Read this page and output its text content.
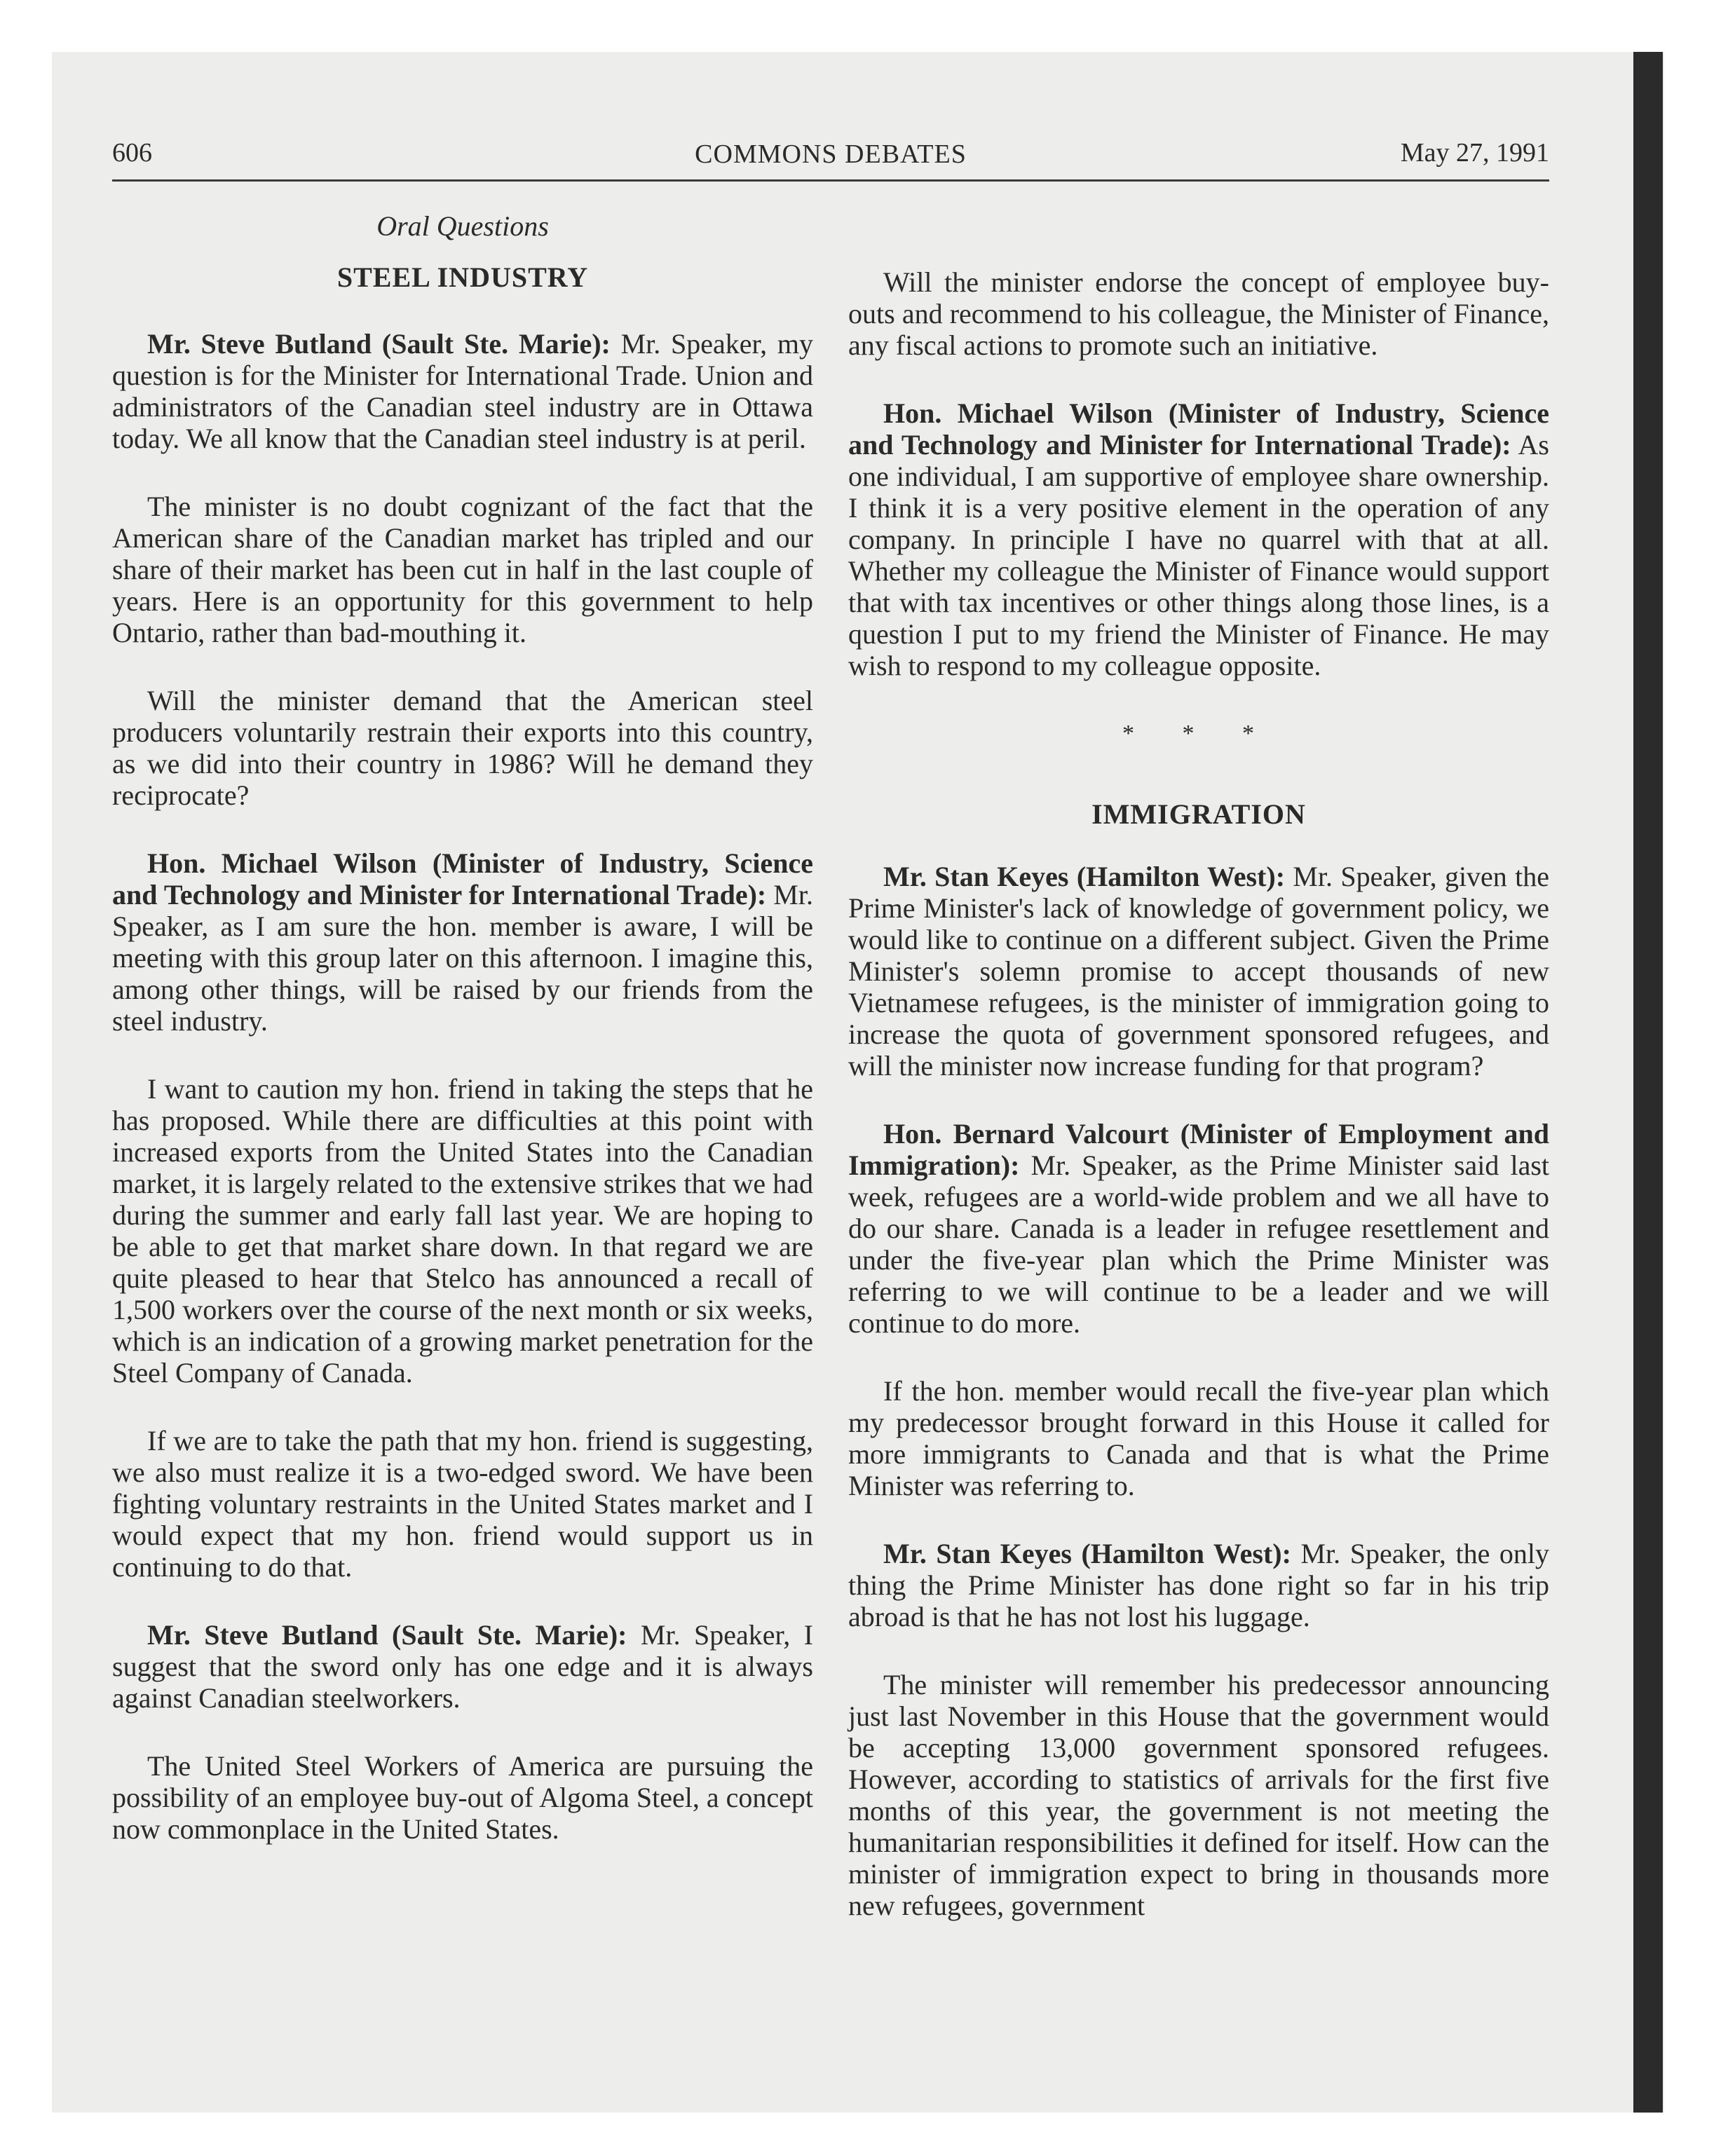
606	COMMONS DEBATES	May 27, 1991
Oral Questions
STEEL INDUSTRY

Mr. Steve Butland (Sault Ste. Marie): Mr. Speaker, my question is for the Minister for International Trade. Union and administrators of the Canadian steel industry are in Ottawa today. We all know that the Canadian steel industry is at peril.

The minister is no doubt cognizant of the fact that the American share of the Canadian market has tripled and our share of their market has been cut in half in the last couple of years. Here is an opportunity for this government to help Ontario, rather than bad-mouthing it.

Will the minister demand that the American steel producers voluntarily restrain their exports into this country, as we did into their country in 1986? Will he demand they reciprocate?

Hon. Michael Wilson (Minister of Industry, Science and Technology and Minister for International Trade): Mr. Speaker, as I am sure the hon. member is aware, I will be meeting with this group later on this afternoon. I imagine this, among other things, will be raised by our friends from the steel industry.

I want to caution my hon. friend in taking the steps that he has proposed. While there are difficulties at this point with increased exports from the United States into the Canadian market, it is largely related to the extensive strikes that we had during the summer and early fall last year. We are hoping to be able to get that market share down. In that regard we are quite pleased to hear that Stelco has announced a recall of 1,500 workers over the course of the next month or six weeks, which is an indication of a growing market penetration for the Steel Company of Canada.

If we are to take the path that my hon. friend is suggesting, we also must realize it is a two-edged sword. We have been fighting voluntary restraints in the United States market and I would expect that my hon. friend would support us in continuing to do that.

Mr. Steve Butland (Sault Ste. Marie): Mr. Speaker, I suggest that the sword only has one edge and it is always against Canadian steelworkers.

The United Steel Workers of America are pursuing the possibility of an employee buy-out of Algoma Steel, a concept now commonplace in the United States.

Will the minister endorse the concept of employee buy-outs and recommend to his colleague, the Minister of Finance, any fiscal actions to promote such an initiative.

Hon. Michael Wilson (Minister of Industry, Science and Technology and Minister for International Trade): As one individual, I am supportive of employee share ownership. I think it is a very positive element in the operation of any company. In principle I have no quarrel with that at all. Whether my colleague the Minister of Finance would support that with tax incentives or other things along those lines, is a question I put to my friend the Minister of Finance. He may wish to respond to my colleague opposite.

* * *
IMMIGRATION

Mr. Stan Keyes (Hamilton West): Mr. Speaker, given the Prime Minister's lack of knowledge of government policy, we would like to continue on a different subject. Given the Prime Minister's solemn promise to accept thousands of new Vietnamese refugees, is the minister of immigration going to increase the quota of government sponsored refugees, and will the minister now increase funding for that program?

Hon. Bernard Valcourt (Minister of Employment and Immigration): Mr. Speaker, as the Prime Minister said last week, refugees are a world-wide problem and we all have to do our share. Canada is a leader in refugee resettlement and under the five-year plan which the Prime Minister was referring to we will continue to be a leader and we will continue to do more.

If the hon. member would recall the five-year plan which my predecessor brought forward in this House it called for more immigrants to Canada and that is what the Prime Minister was referring to.

Mr. Stan Keyes (Hamilton West): Mr. Speaker, the only thing the Prime Minister has done right so far in his trip abroad is that he has not lost his luggage.

The minister will remember his predecessor announcing just last November in this House that the government would be accepting 13,000 government sponsored refugees. However, according to statistics of arrivals for the first five months of this year, the government is not meeting the humanitarian responsibilities it defined for itself. How can the minister of immigration expect to bring in thousands more new refugees, government
